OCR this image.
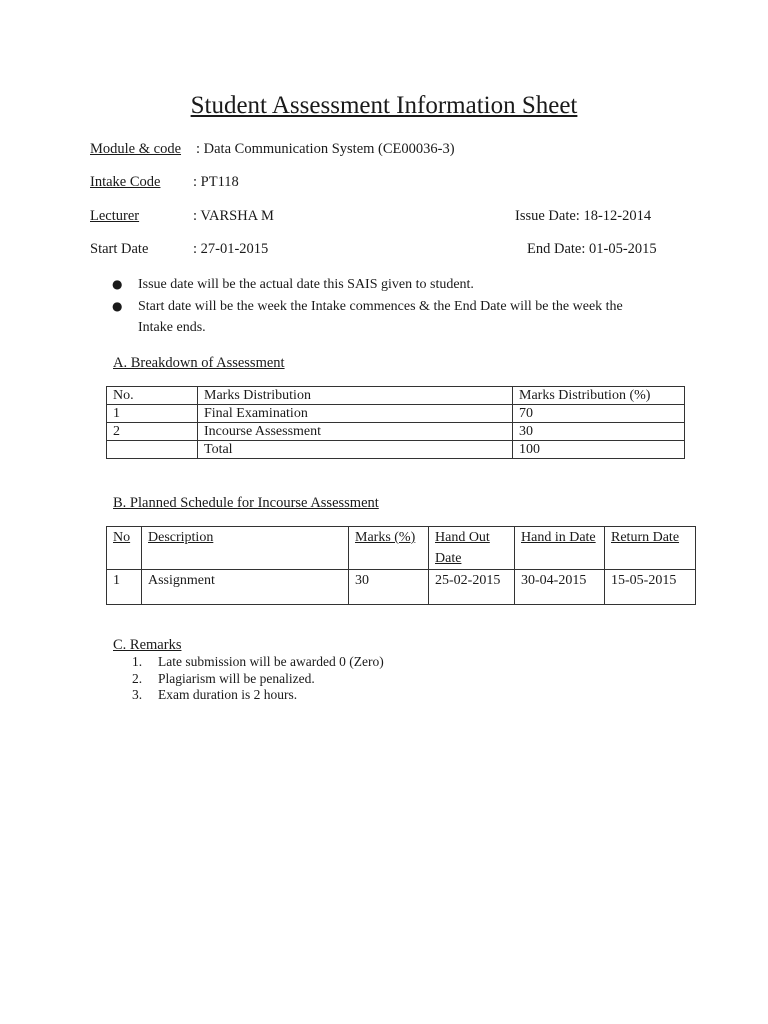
Student Assessment Information Sheet
Module & code : Data Communication System (CE00036-3)
Intake Code : PT118
Lecturer	: VARSHA M	Issue Date: 18-12-2014
Start Date	: 27-01-2015	End Date: 01-05-2015
●	Issue date will be the actual date this SAIS given to student.
●	Start date will be the week the Intake commences & the End Date will be the week the
Intake ends.
A. Breakdown of Assessment
No.	Marks Distribution	Marks Distribution (%)
1	Final Examination	70
2	Incourse Assessment	30
	Total	100
B. Planned Schedule for Incourse Assessment
No	Description	Marks (%)	Hand Out Date	Hand in Date	Return Date
1	Assignment	30	25-02-2015	30-04-2015	15-05-2015
C. Remarks
1.	Late submission will be awarded 0 (Zero)
2.	Plagiarism will be penalized.
3.	Exam duration is 2 hours.
